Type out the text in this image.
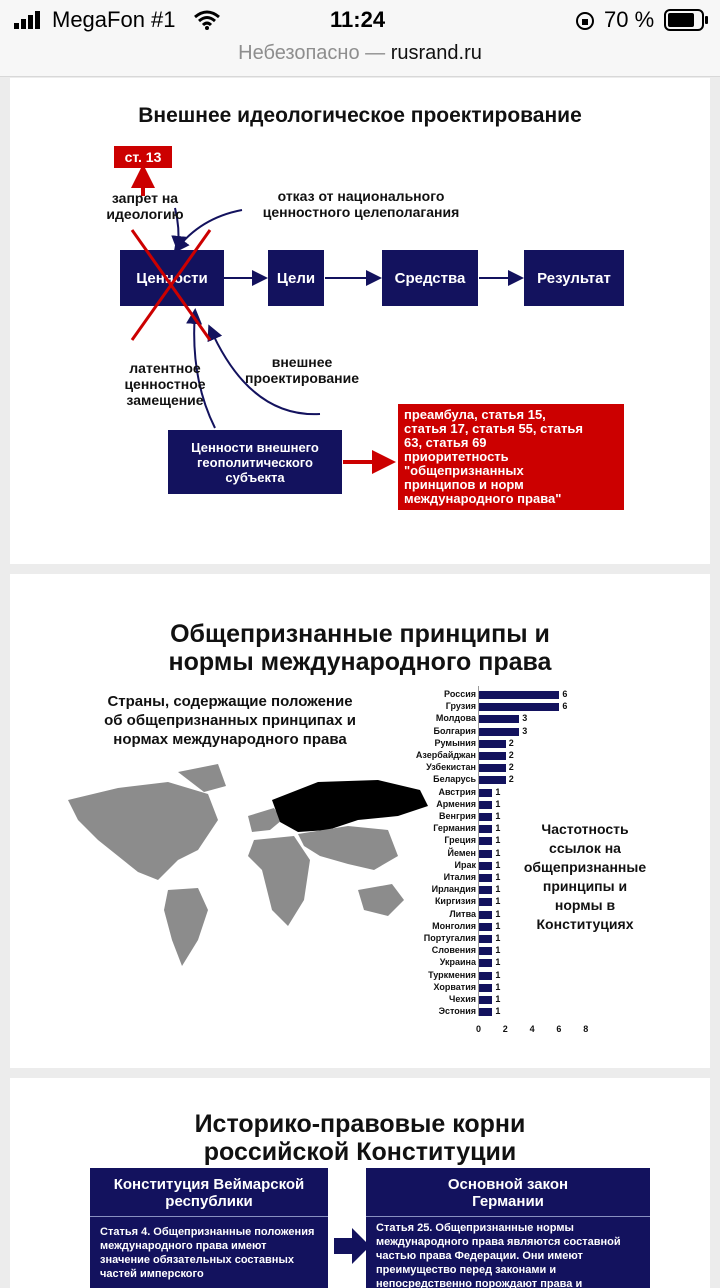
MegaFon #1	11:24	70 %
Небезопасно — rusrand.ru
Внешнее идеологическое проектирование
ст. 13
запрет на
идеологию
отказ от национального
ценностного целеполагания
Ценности	Цели	Средства	Результат
латентное
ценностное
замещение
внешнее
проектирование
Ценности внешнего
геополитического
субъекта
преамбула, статья 15,
статья 17, статья 55, статья
63, статья 69
приоритетность
"общепризнанных
принципов и норм
международного права"
Общепризнанные принципы и
нормы международного права
Страны, содержащие положение
об общепризнанных принципах и
нормах международного права
Частотность
ссылок на
общепризнанные
принципы и
нормы в
Конституциях
Россия	6
Грузия	6
Молдова	3
Болгария	3
Румыния	2
Азербайджан	2
Узбекистан	2
Беларусь	2
Австрия 1
Армения 1
Венгрия 1
Германия 1
Греция 1
Йемен 1
Ирак 1
Италия 1
Ирландия 1
Киргизия 1
Литва 1
Монголия 1
Португалия 1
Словения 1
Украина 1
Туркмения 1
Хорватия 1
Чехия 1
Эстония 1
0 2 4 6 8
Историко-правовые корни
российской Конституции
Конституция Веймарской
республики
Статья 4. Общепризнанные положения международного права имеют значение обязательных составных частей имперского
Основной закон
Германии
Статья 25. Общепризнанные нормы международного права являются составной частью права Федерации. Они имеют преимущество перед законами и непосредственно порождают права и
